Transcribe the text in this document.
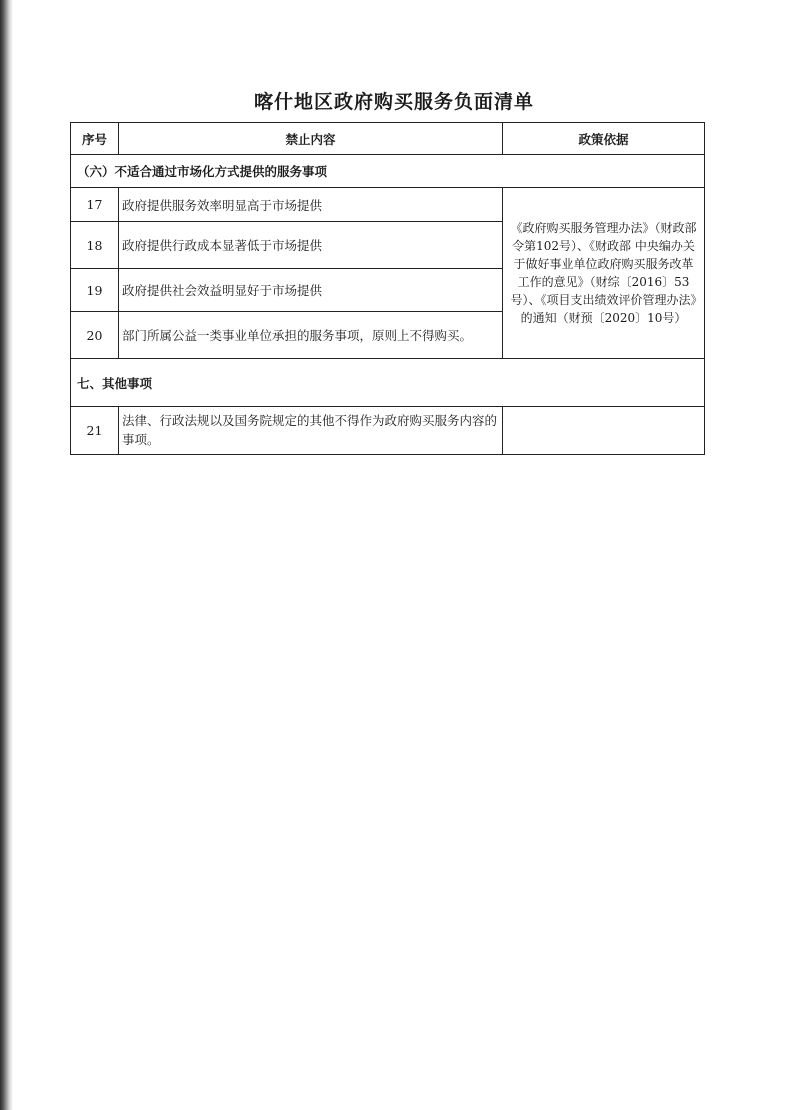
喀什地区政府购买服务负面清单
序号	禁止内容	政策依据
（六）不适合通过市场化方式提供的服务事项		
17	政府提供服务效率明显高于市场提供	《政府购买服务管理办法》（财政部令第102号）、《财政部 中央编办关于做好事业单位政府购买服务改革工作的意见》（财综〔2016〕53号）、《项目支出绩效评价管理办法》的通知（财预〔2020〕10号）
18	政府提供行政成本显著低于市场提供	
19	政府提供社会效益明显好于市场提供	
20	部门所属公益一类事业单位承担的服务事项，原则上不得购买。	
七、其他事项		
21	法律、行政法规以及国务院规定的其他不得作为政府购买服务内容的事项。	
